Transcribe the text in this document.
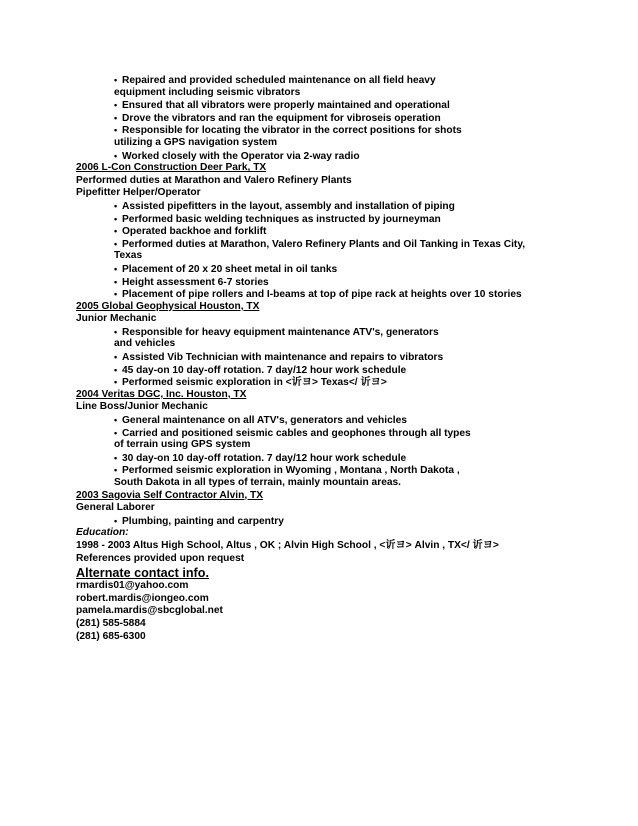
• Repaired and provided scheduled maintenance on all field heavy
equipment including seismic vibrators
• Ensured that all vibrators were properly maintained and operational
• Drove the vibrators and ran the equipment for vibroseis operation
• Responsible for locating the vibrator in the correct positions for shots
utilizing a GPS navigation system
• Worked closely with the Operator via 2-way radio
2006 L-Con Construction Deer Park, TX
Performed duties at Marathon and Valero Refinery Plants
Pipefitter Helper/Operator
• Assisted pipefitters in the layout, assembly and installation of piping
• Performed basic welding techniques as instructed by journeyman
• Operated backhoe and forklift
• Performed duties at Marathon, Valero Refinery Plants and Oil Tanking in Texas City,
Texas
• Placement of 20 x 20 sheet metal in oil tanks
• Height assessment 6-7 stories
• Placement of pipe rollers and I-beams at top of pipe rack at heights over 10 stories
2005 Global Geophysical Houston, TX
Junior Mechanic
• Responsible for heavy equipment maintenance ATV's, generators
and vehicles
• Assisted Vib Technician with maintenance and repairs to vibrators
• 45 day-on 10 day-off rotation. 7 day/12 hour work schedule
• Performed seismic exploration in <䜣ヨ> Texas</ 䜣ヨ>
2004 Veritas DGC, Inc. Houston, TX
Line Boss/Junior Mechanic
• General maintenance on all ATV's, generators and vehicles
• Carried and positioned seismic cables and geophones through all types
of terrain using GPS system
• 30 day-on 10 day-off rotation. 7 day/12 hour work schedule
• Performed seismic exploration in Wyoming , Montana , North Dakota ,
South Dakota in all types of terrain, mainly mountain areas.
2003 Sagovia Self Contractor Alvin, TX
General Laborer
• Plumbing, painting and carpentry
Education:
1998 - 2003 Altus High School, Altus , OK ; Alvin High School , <䜣ヨ> Alvin , TX</ 䜣ヨ>
References provided upon request
Alternate contact info.
rmardis01@yahoo.com
robert.mardis@iongeo.com
pamela.mardis@sbcglobal.net
(281) 585-5884
(281) 685-6300
